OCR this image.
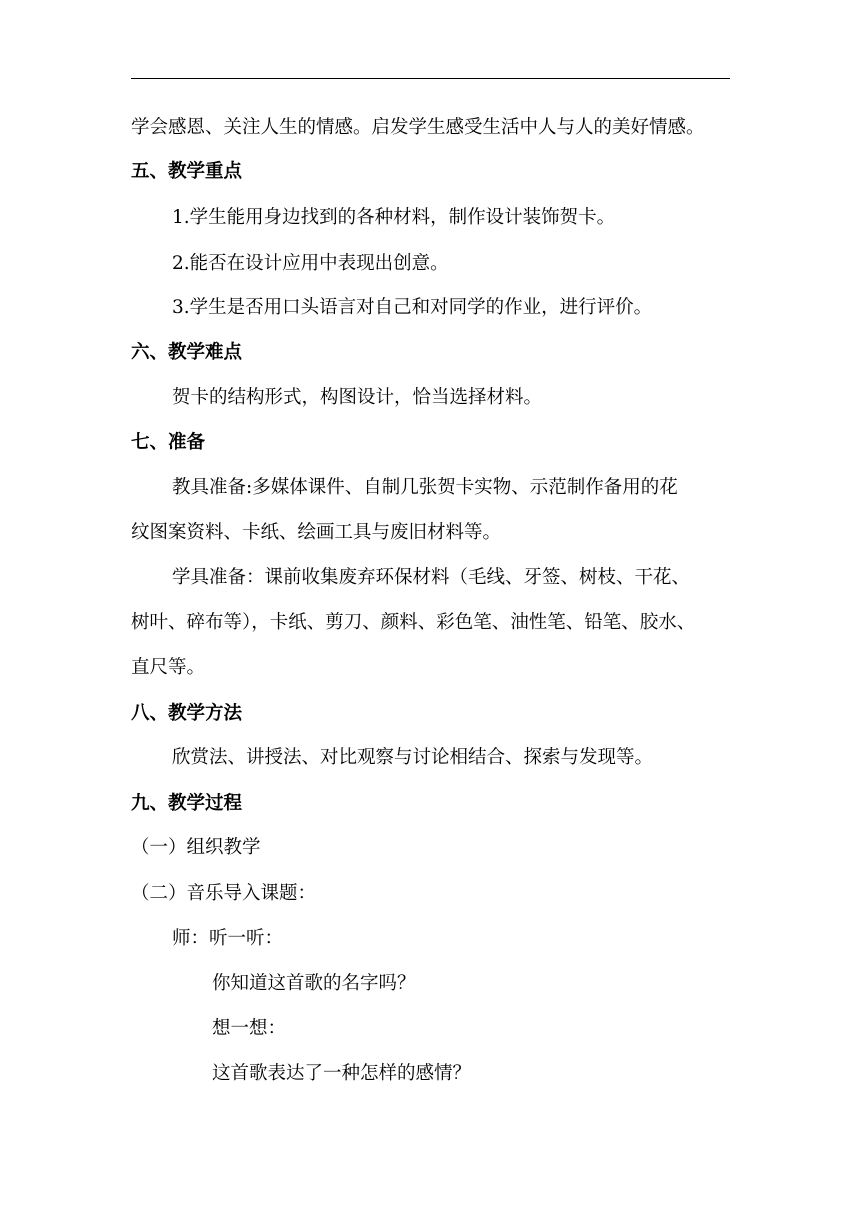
学会感恩、关注人生的情感。启发学生感受生活中人与人的美好情感。
五、教学重点
1.学生能用身边找到的各种材料，制作设计装饰贺卡。
2.能否在设计应用中表现出创意。
3.学生是否用口头语言对自己和对同学的作业，进行评价。
六、教学难点
贺卡的结构形式，构图设计，恰当选择材料。
七、准备
教具准备:多媒体课件、自制几张贺卡实物、示范制作备用的花
纹图案资料、卡纸、绘画工具与废旧材料等。
学具准备：课前收集废弃环保材料（毛线、牙签、树枝、干花、
树叶、碎布等），卡纸、剪刀、颜料、彩色笔、油性笔、铅笔、胶水、
直尺等。
八、教学方法
欣赏法、讲授法、对比观察与讨论相结合、探索与发现等。
九、教学过程
（一）组织教学
（二）音乐导入课题：
师：听一听：
你知道这首歌的名字吗？
想一想：
这首歌表达了一种怎样的感情？
